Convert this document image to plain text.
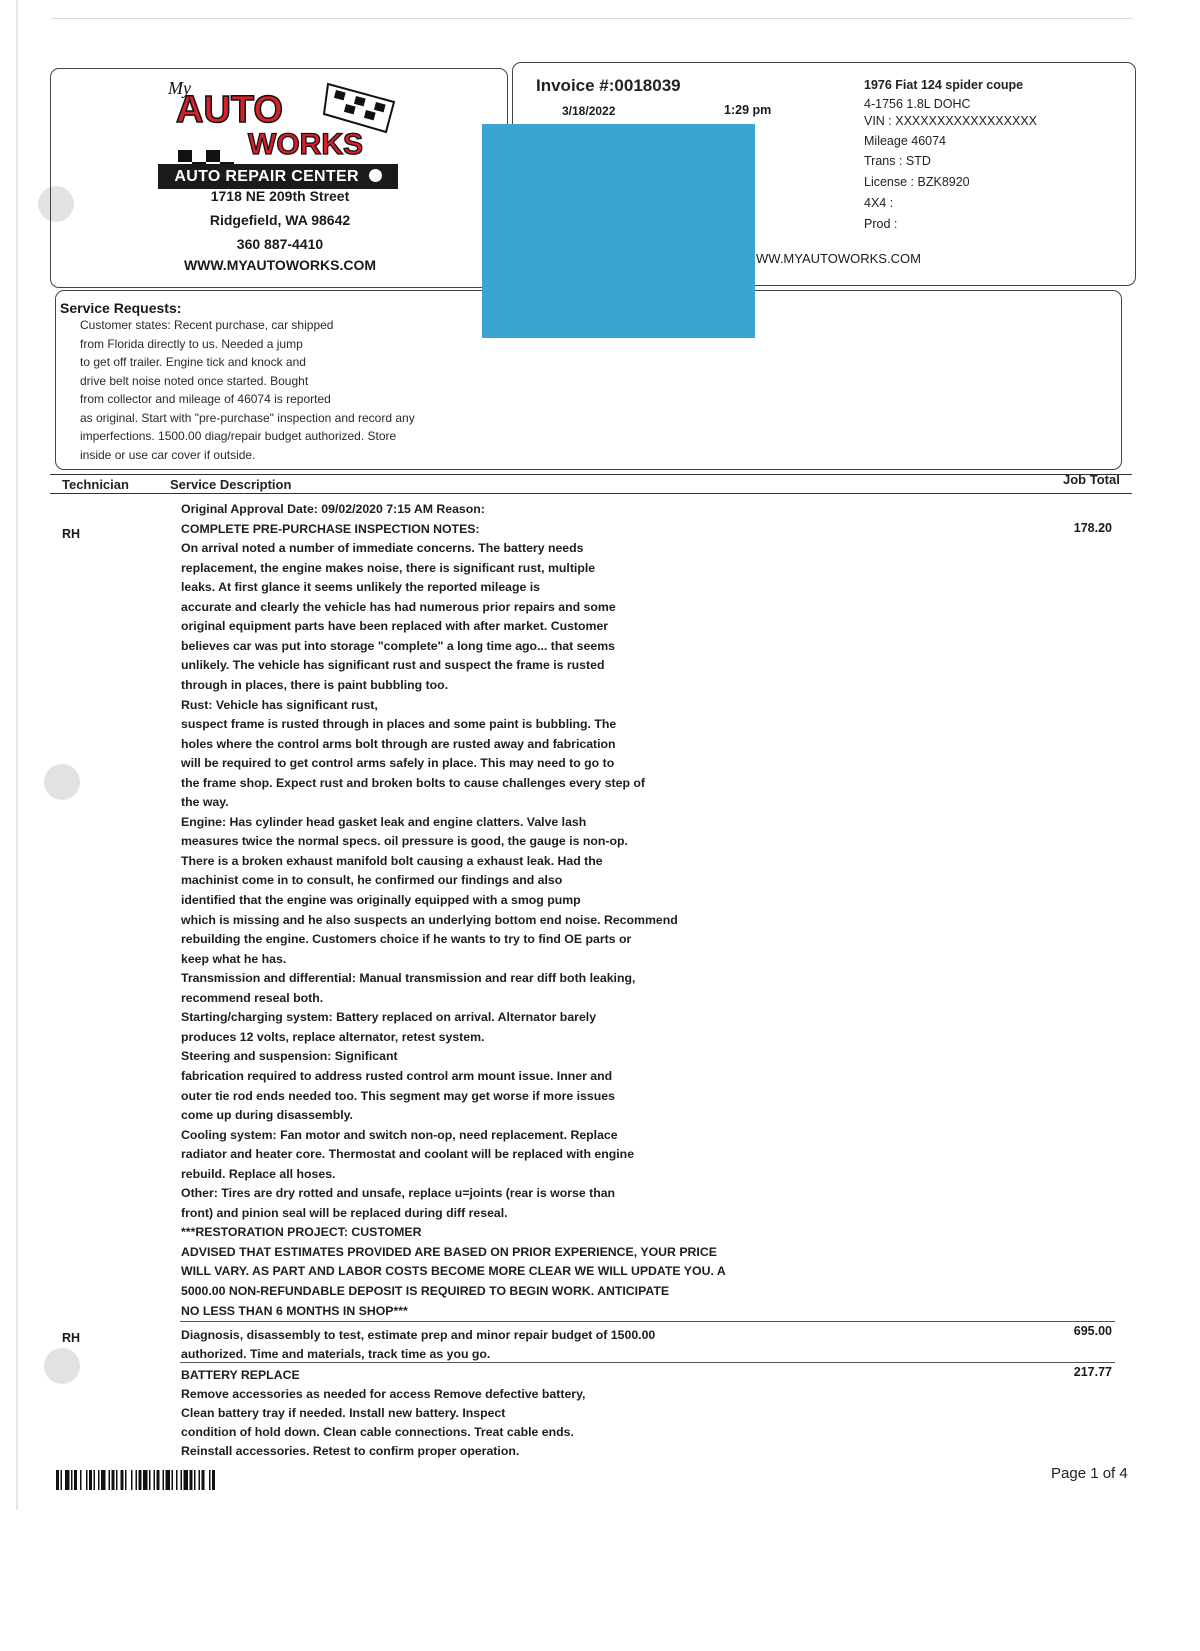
My
AUTO
WORKS
AUTO REPAIR CENTER
1718 NE 209th Street
Ridgefield, WA 98642
360 887-4410
WWW.MYAUTOWORKS.COM
Invoice #:0018039
3/18/2022	1:29 pm
1976 Fiat 124 spider coupe
4-1756 1.8L DOHC
VIN : XXXXXXXXXXXXXXXXX
Mileage 46074
Trans : STD
License : BZK8920
4X4 :
Prod :
WW.MYAUTOWORKS.COM
Service Requests:
Customer states: Recent purchase, car shipped
from Florida directly to us. Needed a jump
to get off trailer. Engine tick and knock and
drive belt noise noted once started. Bought
from collector and mileage of 46074 is reported
as original. Start with "pre-purchase" inspection and record any
imperfections. 1500.00 diag/repair budget authorized. Store
inside or use car cover if outside.
Technician	Service Description	Job Total
RH	178.20
Original Approval Date: 09/02/2020 7:15 AM Reason:
COMPLETE PRE-PURCHASE INSPECTION NOTES:
On arrival noted a number of immediate concerns. The battery needs
replacement, the engine makes noise, there is significant rust, multiple
leaks. At first glance it seems unlikely the reported mileage is
accurate and clearly the vehicle has had numerous prior repairs and some
original equipment parts have been replaced with after market. Customer
believes car was put into storage "complete" a long time ago... that seems
unlikely. The vehicle has significant rust and suspect the frame is rusted
through in places, there is paint bubbling too.
Rust: Vehicle has significant rust,
suspect frame is rusted through in places and some paint is bubbling. The
holes where the control arms bolt through are rusted away and fabrication
will be required to get control arms safely in place. This may need to go to
the frame shop. Expect rust and broken bolts to cause challenges every step of
the way.
Engine: Has cylinder head gasket leak and engine clatters. Valve lash
measures twice the normal specs. oil pressure is good, the gauge is non-op.
There is a broken exhaust manifold bolt causing a exhaust leak. Had the
machinist come in to consult, he confirmed our findings and also
identified that the engine was originally equipped with a smog pump
which is missing and he also suspects an underlying bottom end noise. Recommend
rebuilding the engine. Customers choice if he wants to try to find OE parts or
keep what he has.
Transmission and differential: Manual transmission and rear diff both leaking,
recommend reseal both.
Starting/charging system: Battery replaced on arrival. Alternator barely
produces 12 volts, replace alternator, retest system.
Steering and suspension: Significant
fabrication required to address rusted control arm mount issue. Inner and
outer tie rod ends needed too. This segment may get worse if more issues
come up during disassembly.
Cooling system: Fan motor and switch non-op, need replacement. Replace
radiator and heater core. Thermostat and coolant will be replaced with engine
rebuild. Replace all hoses.
Other: Tires are dry rotted and unsafe, replace u=joints (rear is worse than
front) and pinion seal will be replaced during diff reseal.
***RESTORATION PROJECT: CUSTOMER
ADVISED THAT ESTIMATES PROVIDED ARE BASED ON PRIOR EXPERIENCE, YOUR PRICE
WILL VARY. AS PART AND LABOR COSTS BECOME MORE CLEAR WE WILL UPDATE YOU. A
5000.00 NON-REFUNDABLE DEPOSIT IS REQUIRED TO BEGIN WORK. ANTICIPATE
NO LESS THAN 6 MONTHS IN SHOP***
RH	695.00
Diagnosis, disassembly to test, estimate prep and minor repair budget of 1500.00
authorized. Time and materials, track time as you go.
217.77
BATTERY REPLACE
Remove accessories as needed for access Remove defective battery,
Clean battery tray if needed. Install new battery. Inspect
condition of hold down. Clean cable connections. Treat cable ends.
Reinstall accessories. Retest to confirm proper operation.
Page 1 of 4
